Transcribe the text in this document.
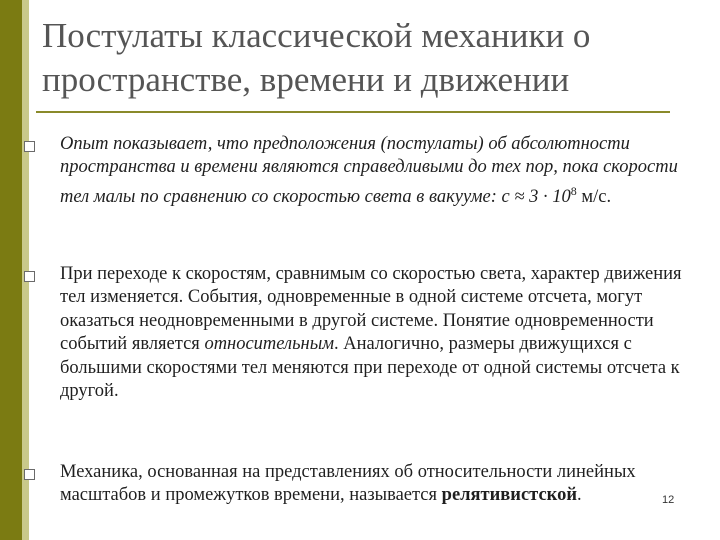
Постулаты классической механики о пространстве, времени и движении
Опыт показывает, что предположения (постулаты) об абсолютности пространства и времени являются справедливыми до тех пор, пока скорости тел малы по сравнению со скоростью света в вакууме: $c \approx 3 \cdot 10^8$ м/с.
При переходе к скоростям, сравнимым со скоростью света, характер движения тел изменяется. События, одновременные в одной системе отсчета, могут оказаться неодновременными в другой системе. Понятие одновременности событий является относительным. Аналогично, размеры движущихся с большими скоростями тел меняются при переходе от одной системы отсчета к другой.
Механика, основанная на представлениях об относительности линейных масштабов и промежутков времени, называется релятивистской.	12
